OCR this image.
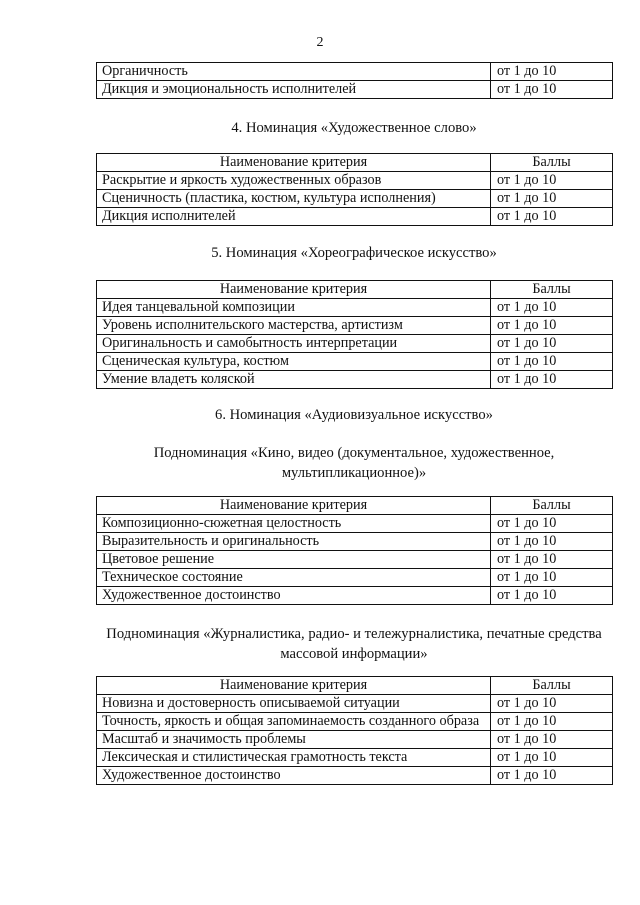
2
Органичность	от 1 до 10
Дикция и эмоциональность исполнителей	от 1 до 10
4. Номинация «Художественное слово»
Наименование критерия	Баллы
Раскрытие и яркость художественных образов	от 1 до 10
Сценичность (пластика, костюм, культура исполнения)	от 1 до 10
Дикция исполнителей	от 1 до 10
5. Номинация «Хореографическое искусство»
Наименование критерия	Баллы
Идея танцевальной композиции	от 1 до 10
Уровень исполнительского мастерства, артистизм	от 1 до 10
Оригинальность и самобытность интерпретации	от 1 до 10
Сценическая культура, костюм	от 1 до 10
Умение владеть коляской	от 1 до 10
6. Номинация «Аудиовизуальное искусство»
Подноминация «Кино, видео (документальное, художественное,
мультипликационное)»
Наименование критерия	Баллы
Композиционно-сюжетная целостность	от 1 до 10
Выразительность и оригинальность	от 1 до 10
Цветовое решение	от 1 до 10
Техническое состояние	от 1 до 10
Художественное достоинство	от 1 до 10
Подноминация «Журналистика, радио- и тележурналистика, печатные средства
массовой информации»
Наименование критерия	Баллы
Новизна и достоверность описываемой ситуации	от 1 до 10
Точность, яркость и общая запоминаемость созданного образа	от 1 до 10
Масштаб и значимость проблемы	от 1 до 10
Лексическая и стилистическая грамотность текста	от 1 до 10
Художественное достоинство	от 1 до 10
